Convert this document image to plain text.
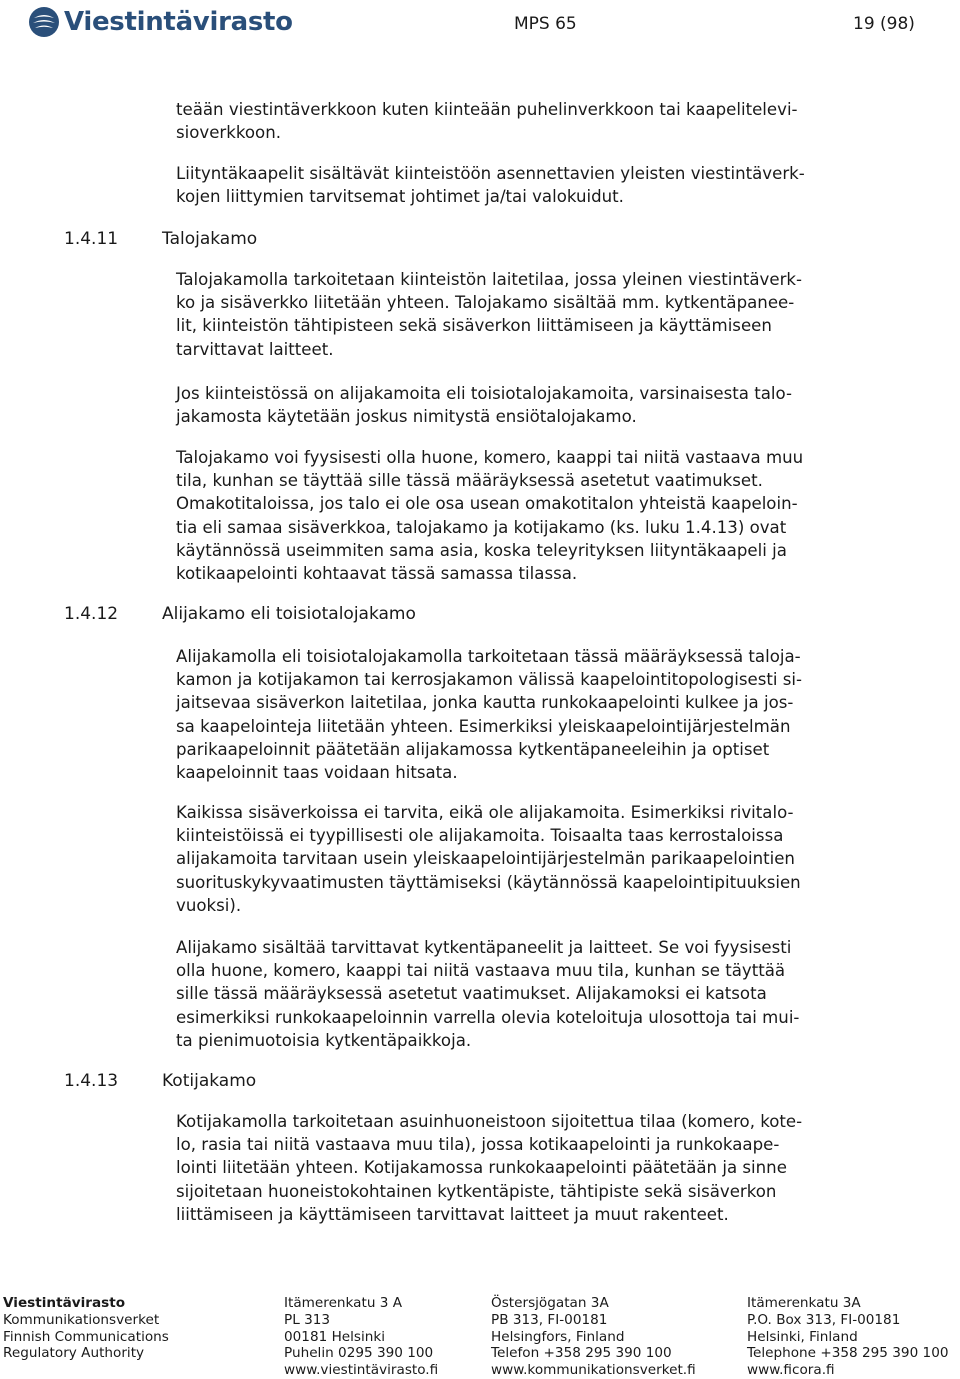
Viestintävirasto	MPS 65	19 (98)

teään viestintäverkkoon kuten kiinteään puhelinverkkoon tai kaapelitelevi-
sioverkkoon.

Liityntäkaapelit sisältävät kiinteistöön asennettavien yleisten viestintäverk-
kojen liittymien tarvitsemat johtimet ja/tai valokuidut.

1.4.11	Talojakamo

Talojakamolla tarkoitetaan kiinteistön laitetilaa, jossa yleinen viestintäverk-
ko ja sisäverkko liitetään yhteen. Talojakamo sisältää mm. kytkentäpanee-
lit, kiinteistön tähtipisteen sekä sisäverkon liittämiseen ja käyttämiseen
tarvittavat laitteet.

Jos kiinteistössä on alijakamoita eli toisiotalojakamoita, varsinaisesta talo-
jakamosta käytetään joskus nimitystä ensiötalojakamo.

Talojakamo voi fyysisesti olla huone, komero, kaappi tai niitä vastaava muu
tila, kunhan se täyttää sille tässä määräyksessä asetetut vaatimukset.
Omakotitaloissa, jos talo ei ole osa usean omakotitalon yhteistä kaapeloin-
tia eli samaa sisäverkkoa, talojakamo ja kotijakamo (ks. luku 1.4.13) ovat
käytännössä useimmiten sama asia, koska teleyrityksen liityntäkaapeli ja
kotikaapelointi kohtaavat tässä samassa tilassa.

1.4.12	Alijakamo eli toisiotalojakamo

Alijakamolla eli toisiotalojakamolla tarkoitetaan tässä määräyksessä taloja-
kamon ja kotijakamon tai kerrosjakamon välissä kaapelointitopologisesti si-
jaitsevaa sisäverkon laitetilaa, jonka kautta runkokaapelointi kulkee ja jos-
sa kaapelointeja liitetään yhteen. Esimerkiksi yleiskaapelointijärjestelmän
parikaapeloinnit päätetään alijakamossa kytkentäpaneeleihin ja optiset
kaapeloinnit taas voidaan hitsata.

Kaikissa sisäverkoissa ei tarvita, eikä ole alijakamoita. Esimerkiksi rivitalo-
kiinteistöissä ei tyypillisesti ole alijakamoita. Toisaalta taas kerrostaloissa
alijakamoita tarvitaan usein yleiskaapelointijärjestelmän parikaapelointien
suorituskykyvaatimusten täyttämiseksi (käytännössä kaapelointipituuksien
vuoksi).

Alijakamo sisältää tarvittavat kytkentäpaneelit ja laitteet. Se voi fyysisesti
olla huone, komero, kaappi tai niitä vastaava muu tila, kunhan se täyttää
sille tässä määräyksessä asetetut vaatimukset. Alijakamoksi ei katsota
esimerkiksi runkokaapeloinnin varrella olevia koteloituja ulosottoja tai mui-
ta pienimuotoisia kytkentäpaikkoja.

1.4.13	Kotijakamo

Kotijakamolla tarkoitetaan asuinhuoneistoon sijoitettua tilaa (komero, kote-
lo, rasia tai niitä vastaava muu tila), jossa kotikaapelointi ja runkokaape-
lointi liitetään yhteen. Kotijakamossa runkokaapelointi päätetään ja sinne
sijoitetaan huoneistokohtainen kytkentäpiste, tähtipiste sekä sisäverkon
liittämiseen ja käyttämiseen tarvittavat laitteet ja muut rakenteet.

Viestintävirasto
Kommunikationsverket
Finnish Communications
Regulatory Authority
Itämerenkatu 3 A
PL 313
00181 Helsinki
Puhelin 0295 390 100
www.viestintävirasto.fi
Östersjögatan 3A
PB 313, FI-00181
Helsingfors, Finland
Telefon +358 295 390 100
www.kommunikationsverket.fi
Itämerenkatu 3A
P.O. Box 313, FI-00181
Helsinki, Finland
Telephone +358 295 390 100
www.ficora.fi
